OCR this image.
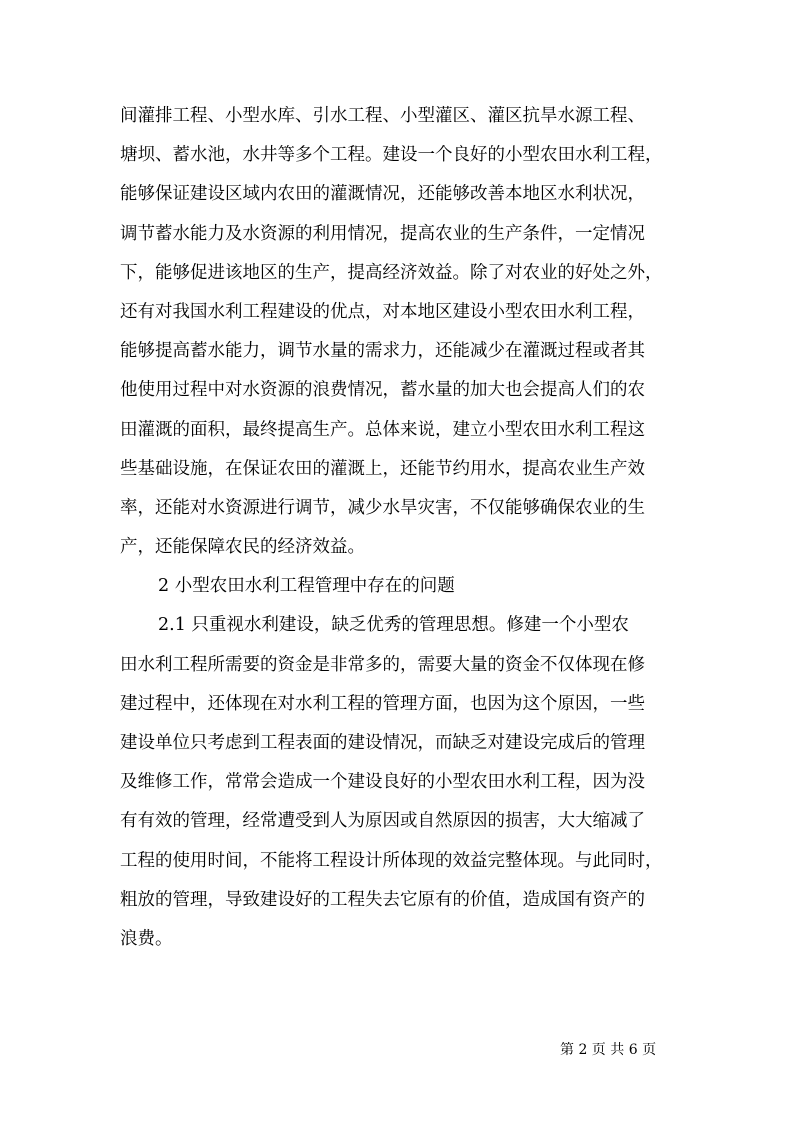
间灌排工程、小型水库、引水工程、小型灌区、灌区抗旱水源工程、
塘坝、蓄水池，水井等多个工程。建设一个良好的小型农田水利工程，
能够保证建设区域内农田的灌溉情况，还能够改善本地区水利状况，
调节蓄水能力及水资源的利用情况，提高农业的生产条件，一定情况
下，能够促进该地区的生产，提高经济效益。除了对农业的好处之外，
还有对我国水利工程建设的优点，对本地区建设小型农田水利工程，
能够提高蓄水能力，调节水量的需求力，还能减少在灌溉过程或者其
他使用过程中对水资源的浪费情况，蓄水量的加大也会提高人们的农
田灌溉的面积，最终提高生产。总体来说，建立小型农田水利工程这
些基础设施，在保证农田的灌溉上，还能节约用水，提高农业生产效
率，还能对水资源进行调节，减少水旱灾害，不仅能够确保农业的生
产，还能保障农民的经济效益。
2 小型农田水利工程管理中存在的问题
2.1 只重视水利建设，缺乏优秀的管理思想。修建一个小型农
田水利工程所需要的资金是非常多的，需要大量的资金不仅体现在修
建过程中，还体现在对水利工程的管理方面，也因为这个原因，一些
建设单位只考虑到工程表面的建设情况，而缺乏对建设完成后的管理
及维修工作，常常会造成一个建设良好的小型农田水利工程，因为没
有有效的管理，经常遭受到人为原因或自然原因的损害，大大缩减了
工程的使用时间，不能将工程设计所体现的效益完整体现。与此同时，
粗放的管理，导致建设好的工程失去它原有的价值，造成国有资产的
浪费。
第 2 页 共 6 页
